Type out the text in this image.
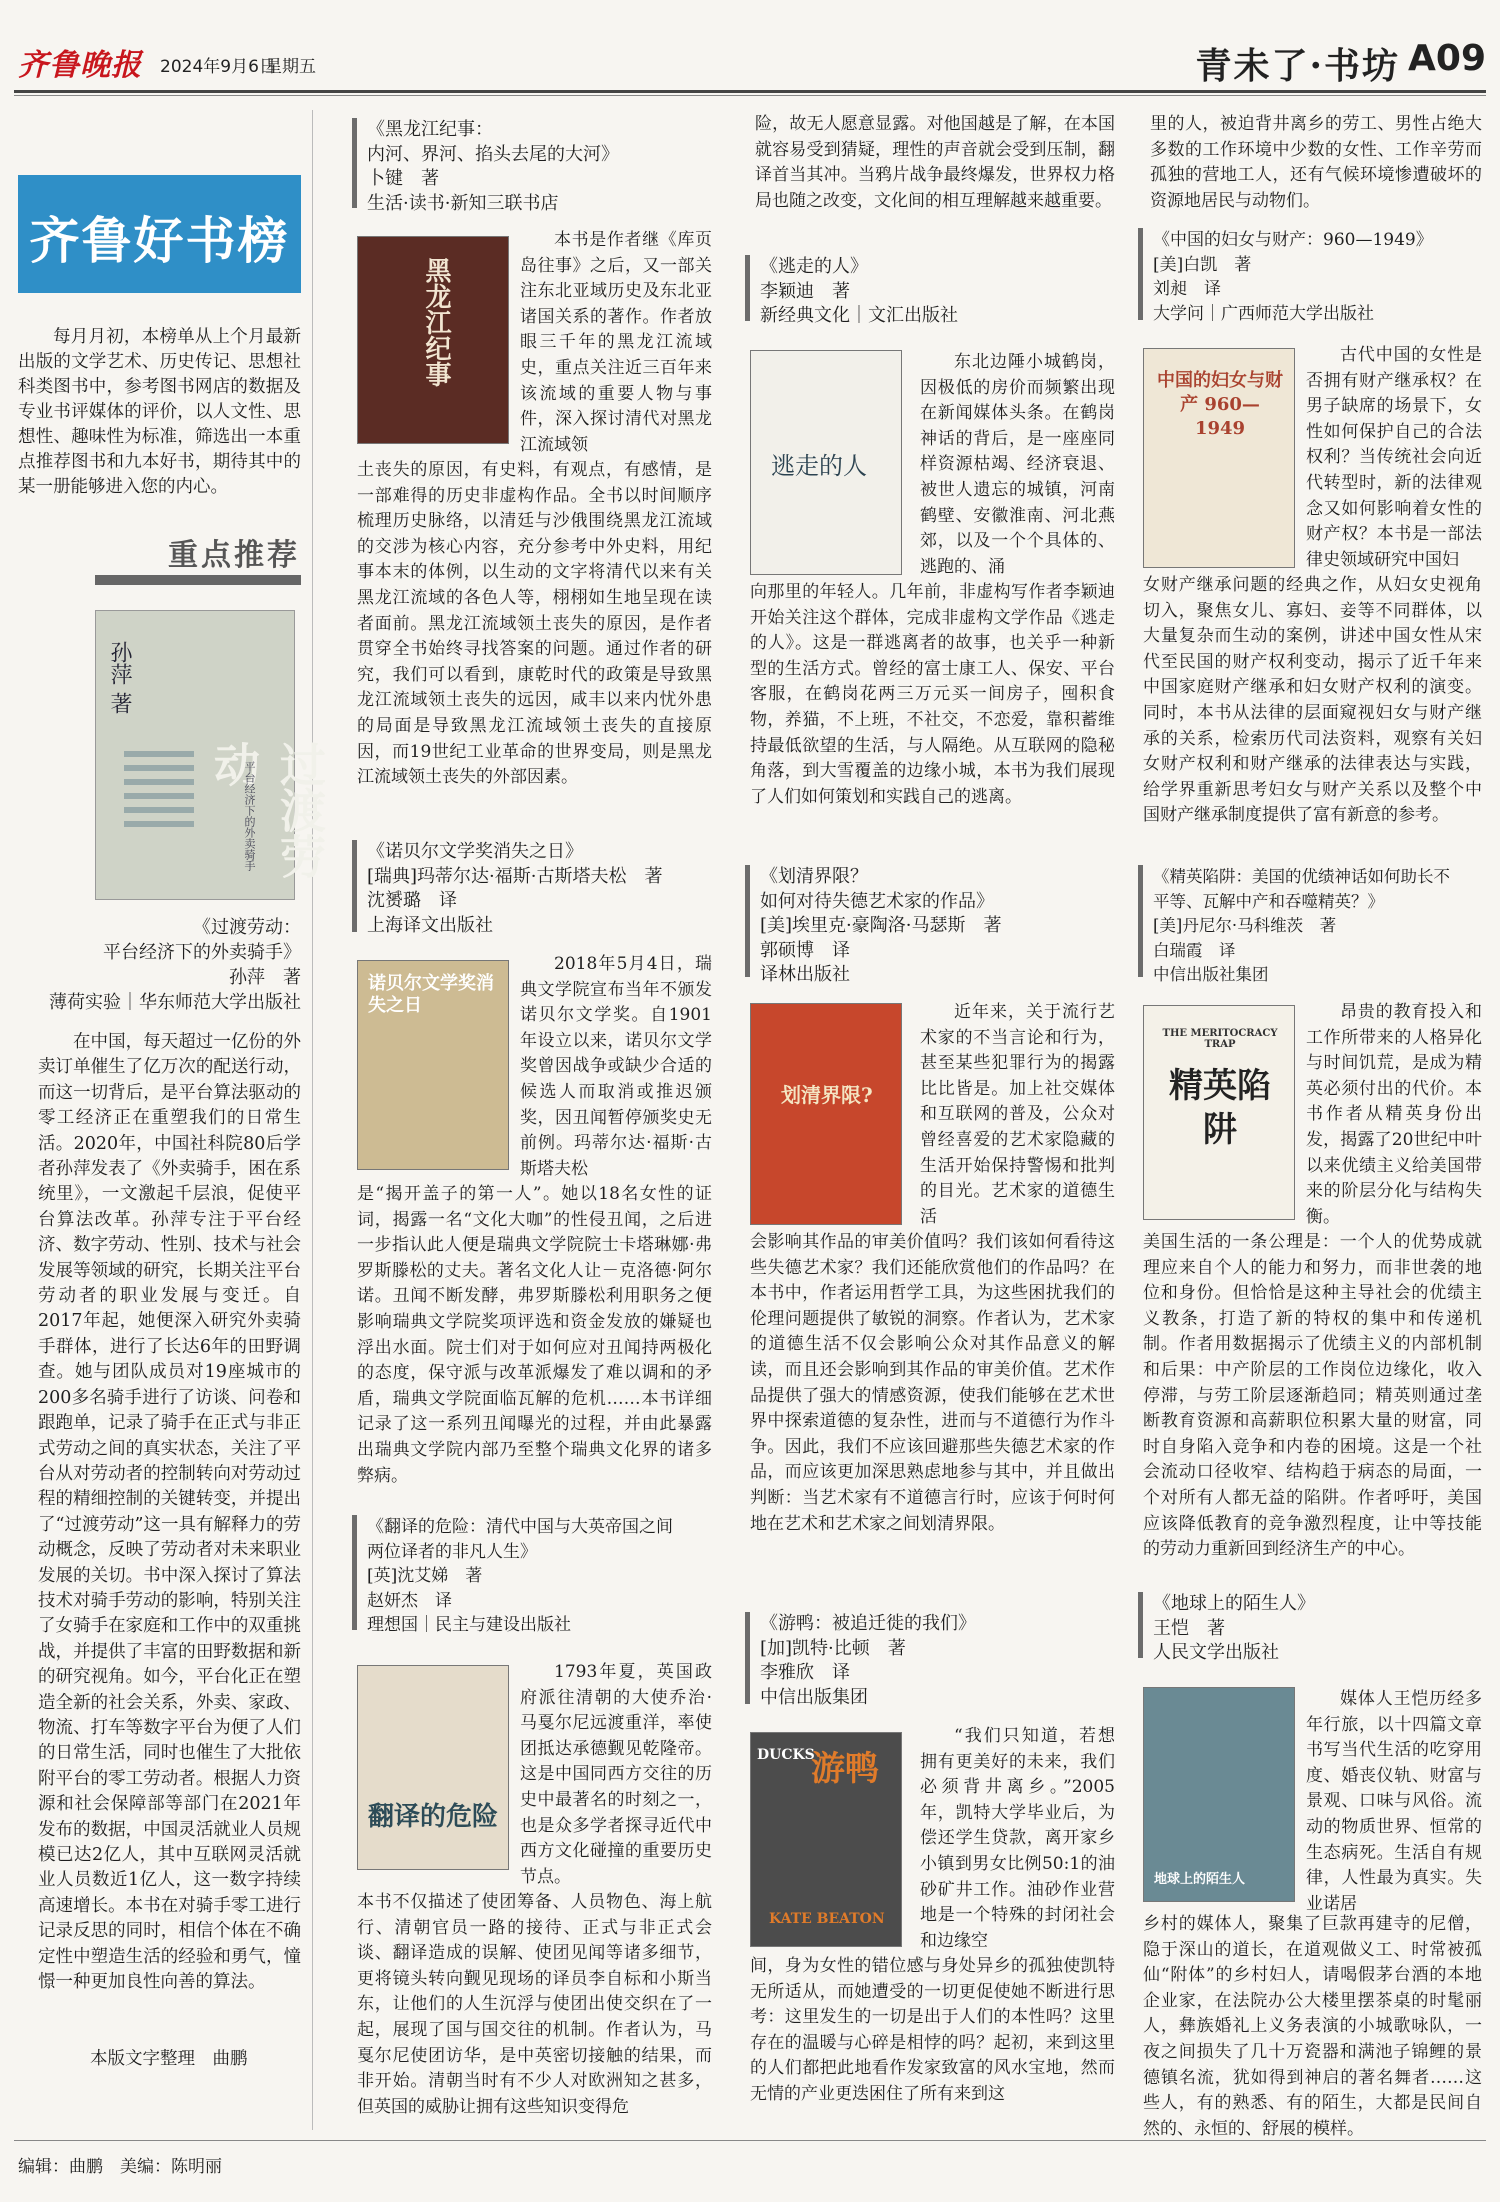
齐鲁晚报 2024年9月6日
星期五	青未了·书坊 A09
齐鲁好书榜
每月月初，本榜单从上个月最新出版的文学艺术、历史传记、思想社科类图书中，参考图书网店的数据及专业书评媒体的评价，以人文性、思想性、趣味性为标准，筛选出一本重点推荐图书和九本好书，期待其中的某一册能够进入您的内心。
重点推荐
孙萍 著
过渡劳动
平台经济下的外卖骑手
《过渡劳动：
平台经济下的外卖骑手》
孙萍　著
薄荷实验｜华东师范大学出版社
在中国，每天超过一亿份的外卖订单催生了亿万次的配送行动，而这一切背后，是平台算法驱动的零工经济正在重塑我们的日常生活。2020年，中国社科院80后学者孙萍发表了《外卖骑手，困在系统里》，一文激起千层浪，促使平台算法改革。孙萍专注于平台经济、数字劳动、性别、技术与社会发展等领域的研究，长期关注平台劳动者的职业发展与变迁。自2017年起，她便深入研究外卖骑手群体，进行了长达6年的田野调查。她与团队成员对19座城市的200多名骑手进行了访谈、问卷和跟跑单，记录了骑手在正式与非正式劳动之间的真实状态，关注了平台从对劳动者的控制转向对劳动过程的精细控制的关键转变，并提出了“过渡劳动”这一具有解释力的劳动概念，反映了劳动者对未来职业发展的关切。书中深入探讨了算法技术对骑手劳动的影响，特别关注了女骑手在家庭和工作中的双重挑战，并提供了丰富的田野数据和新的研究视角。如今，平台化正在塑造全新的社会关系，外卖、家政、物流、打车等数字平台为便了人们的日常生活，同时也催生了大批依附平台的零工劳动者。根据人力资源和社会保障部等部门在2021年发布的数据，中国灵活就业人员规模已达2亿人，其中互联网灵活就业人员数近1亿人，这一数字持续高速增长。本书在对骑手零工进行记录反思的同时，相信个体在不确定性中塑造生活的经验和勇气，憧憬一种更加良性向善的算法。
本版文字整理　曲鹏
《黑龙江纪事：
内河、界河、掐头去尾的大河》
卜键　著
生活·读书·新知三联书店
黑龙江纪事
本书是作者继《库页岛往事》之后，又一部关注东北亚域历史及东北亚诸国关系的著作。作者放眼三千年的黑龙江流域史，重点关注近三百年来该流域的重要人物与事件，深入探讨清代对黑龙江流域领
土丧失的原因，有史料，有观点，有感情，是一部难得的历史非虚构作品。全书以时间顺序梳理历史脉络，以清廷与沙俄围绕黑龙江流域的交涉为核心内容，充分参考中外史料，用纪事本末的体例，以生动的文字将清代以来有关黑龙江流域的各色人等，栩栩如生地呈现在读者面前。黑龙江流域领土丧失的原因，是作者贯穿全书始终寻找答案的问题。通过作者的研究，我们可以看到，康乾时代的政策是导致黑龙江流域领土丧失的远因，咸丰以来内忧外患的局面是导致黑龙江流域领土丧失的直接原因，而19世纪工业革命的世界变局，则是黑龙江流域领土丧失的外部因素。
《诺贝尔文学奖消失之日》
[瑞典]玛蒂尔达·福斯·古斯塔夫松　著
沈赟璐　译
上海译文出版社
诺贝尔文学奖消失之日
2018年5月4日，瑞典文学院宣布当年不颁发诺贝尔文学奖。自1901年设立以来，诺贝尔文学奖曾因战争或缺少合适的候选人而取消或推迟颁奖，因丑闻暂停颁奖史无前例。玛蒂尔达·福斯·古斯塔夫松
是“揭开盖子的第一人”。她以18名女性的证词，揭露一名“文化大咖”的性侵丑闻，之后进一步指认此人便是瑞典文学院院士卡塔琳娜·弗罗斯滕松的丈夫。著名文化人让－克洛德·阿尔诺。丑闻不断发酵，弗罗斯滕松利用职务之便影响瑞典文学院奖项评选和资金发放的嫌疑也浮出水面。院士们对于如何应对丑闻持两极化的态度，保守派与改革派爆发了难以调和的矛盾，瑞典文学院面临瓦解的危机……本书详细记录了这一系列丑闻曝光的过程，并由此暴露出瑞典文学院内部乃至整个瑞典文化界的诸多弊病。
《翻译的危险：清代中国与大英帝国之间
两位译者的非凡人生》
[英]沈艾娣　著
赵妍杰　译
理想国｜民主与建设出版社
翻译的危险
1793年夏，英国政府派往清朝的大使乔治·马戛尔尼远渡重洋，率使团抵达承德觐见乾隆帝。这是中国同西方交往的历史中最著名的时刻之一，也是众多学者探寻近代中西方文化碰撞的重要历史节点。
本书不仅描述了使团筹备、人员物色、海上航行、清朝官员一路的接待、正式与非正式会谈、翻译造成的误解、使团见闻等诸多细节，更将镜头转向觐见现场的译员李自标和小斯当东，让他们的人生沉浮与使团出使交织在了一起，展现了国与国交往的机制。作者认为，马戛尔尼使团访华，是中英密切接触的结果，而非开始。清朝当时有不少人对欧洲知之甚多，但英国的威胁让拥有这些知识变得危
险，故无人愿意显露。对他国越是了解，在本国就容易受到猜疑，理性的声音就会受到压制，翻译首当其冲。当鸦片战争最终爆发，世界权力格局也随之改变，文化间的相互理解越来越重要。
《逃走的人》
李颖迪　著
新经典文化｜文汇出版社
逃走的人
东北边陲小城鹤岗，因极低的房价而频繁出现在新闻媒体头条。在鹤岗神话的背后，是一座座同样资源枯竭、经济衰退、被世人遗忘的城镇，河南鹤壁、安徽淮南、河北燕郊，以及一个个具体的、逃跑的、涌
向那里的年轻人。几年前，非虚构写作者李颖迪开始关注这个群体，完成非虚构文学作品《逃走的人》。这是一群逃离者的故事，也关乎一种新型的生活方式。曾经的富士康工人、保安、平台客服，在鹤岗花两三万元买一间房子，囤积食物，养猫，不上班，不社交，不恋爱，靠积蓄维持最低欲望的生活，与人隔绝。从互联网的隐秘角落，到大雪覆盖的边缘小城，本书为我们展现了人们如何策划和实践自己的逃离。
《划清界限？
如何对待失德艺术家的作品》
[美]埃里克·豪陶洛·马瑟斯　著
郭硕博　译
译林出版社
划清界限?
近年来，关于流行艺术家的不当言论和行为，甚至某些犯罪行为的揭露比比皆是。加上社交媒体和互联网的普及，公众对曾经喜爱的艺术家隐藏的生活开始保持警惕和批判的目光。艺术家的道德生活
会影响其作品的审美价值吗？我们该如何看待这些失德艺术家？我们还能欣赏他们的作品吗？在本书中，作者运用哲学工具，为这些困扰我们的伦理问题提供了敏锐的洞察。作者认为，艺术家的道德生活不仅会影响公众对其作品意义的解读，而且还会影响到其作品的审美价值。艺术作品提供了强大的情感资源，使我们能够在艺术世界中探索道德的复杂性，进而与不道德行为作斗争。因此，我们不应该回避那些失德艺术家的作品，而应该更加深思熟虑地参与其中，并且做出判断：当艺术家有不道德言行时，应该于何时何地在艺术和艺术家之间划清界限。
《游鸭：被追迁徙的我们》
[加]凯特·比顿　著
李雅欣　译
中信出版集团
DUCKS
游鸭
KATE BEATON
“我们只知道，若想拥有更美好的未来，我们必须背井离乡。”2005年，凯特大学毕业后，为偿还学生贷款，离开家乡小镇到男女比例50:1的油砂矿井工作。油砂作业营地是一个特殊的封闭社会和边缘空
间，身为女性的错位感与身处异乡的孤独使凯特无所适从，而她遭受的一切更促使她不断进行思考：这里发生的一切是出于人们的本性吗？这里存在的温暖与心碎是相悖的吗？起初，来到这里的人们都把此地看作发家致富的风水宝地，然而无情的产业更迭困住了所有来到这
里的人，被迫背井离乡的劳工、男性占绝大多数的工作环境中少数的女性、工作辛劳而孤独的营地工人，还有气候环境惨遭破坏的资源地居民与动物们。
《中国的妇女与财产：960—1949》
[美]白凯　著
刘昶　译
大学问｜广西师范大学出版社
中国的妇女与财产 960—1949
古代中国的女性是否拥有财产继承权？在男子缺席的场景下，女性如何保护自己的合法权利？当传统社会向近代转型时，新的法律观念又如何影响着女性的财产权？本书是一部法律史领域研究中国妇
女财产继承问题的经典之作，从妇女史视角切入，聚焦女儿、寡妇、妾等不同群体，以大量复杂而生动的案例，讲述中国女性从宋代至民国的财产权利变动，揭示了近千年来中国家庭财产继承和妇女财产权利的演变。同时，本书从法律的层面窥视妇女与财产继承的关系，检索历代司法资料，观察有关妇女财产权利和财产继承的法律表达与实践，给学界重新思考妇女与财产关系以及整个中国财产继承制度提供了富有新意的参考。
《精英陷阱：美国的优绩神话如何助长不
平等、瓦解中产和吞噬精英？》
[美]丹尼尔·马科维茨　著
白瑞霞　译
中信出版社集团
THE MERITOCRACY TRAP
精英陷阱
昂贵的教育投入和工作所带来的人格异化与时间饥荒，是成为精英必须付出的代价。本书作者从精英身份出发，揭露了20世纪中叶以来优绩主义给美国带来的阶层分化与结构失衡。
美国生活的一条公理是：一个人的优势成就理应来自个人的能力和努力，而非世袭的地位和身份。但恰恰是这种主导社会的优绩主义教条，打造了新的特权的集中和传递机制。作者用数据揭示了优绩主义的内部机制和后果：中产阶层的工作岗位边缘化，收入停滞，与劳工阶层逐渐趋同；精英则通过垄断教育资源和高薪职位积累大量的财富，同时自身陷入竞争和内卷的困境。这是一个社会流动口径收窄、结构趋于病态的局面，一个对所有人都无益的陷阱。作者呼吁，美国应该降低教育的竞争激烈程度，让中等技能的劳动力重新回到经济生产的中心。
《地球上的陌生人》
王恺　著
人民文学出版社
地球上的陌生人
媒体人王恺历经多年行旅，以十四篇文章书写当代生活的吃穿用度、婚丧仪轨、财富与景观、口味与风俗。流动的物质世界、恒常的生态病死。生活自有规律，人性最为真实。失业诺居
乡村的媒体人，聚集了巨款再建寺的尼僧，隐于深山的道长，在道观做义工、时常被孤仙“附体”的乡村妇人，请喝假茅台酒的本地企业家，在法院办公大楼里摆茶桌的时髦丽人，彝族婚礼上义务表演的小城歌咏队，一夜之间损失了几十万瓷器和满池子锦鲤的景德镇名流，犹如得到神启的著名舞者……这些人，有的熟悉、有的陌生，大都是民间自然的、永恒的、舒展的模样。
编辑：曲鹏　美编：陈明丽
